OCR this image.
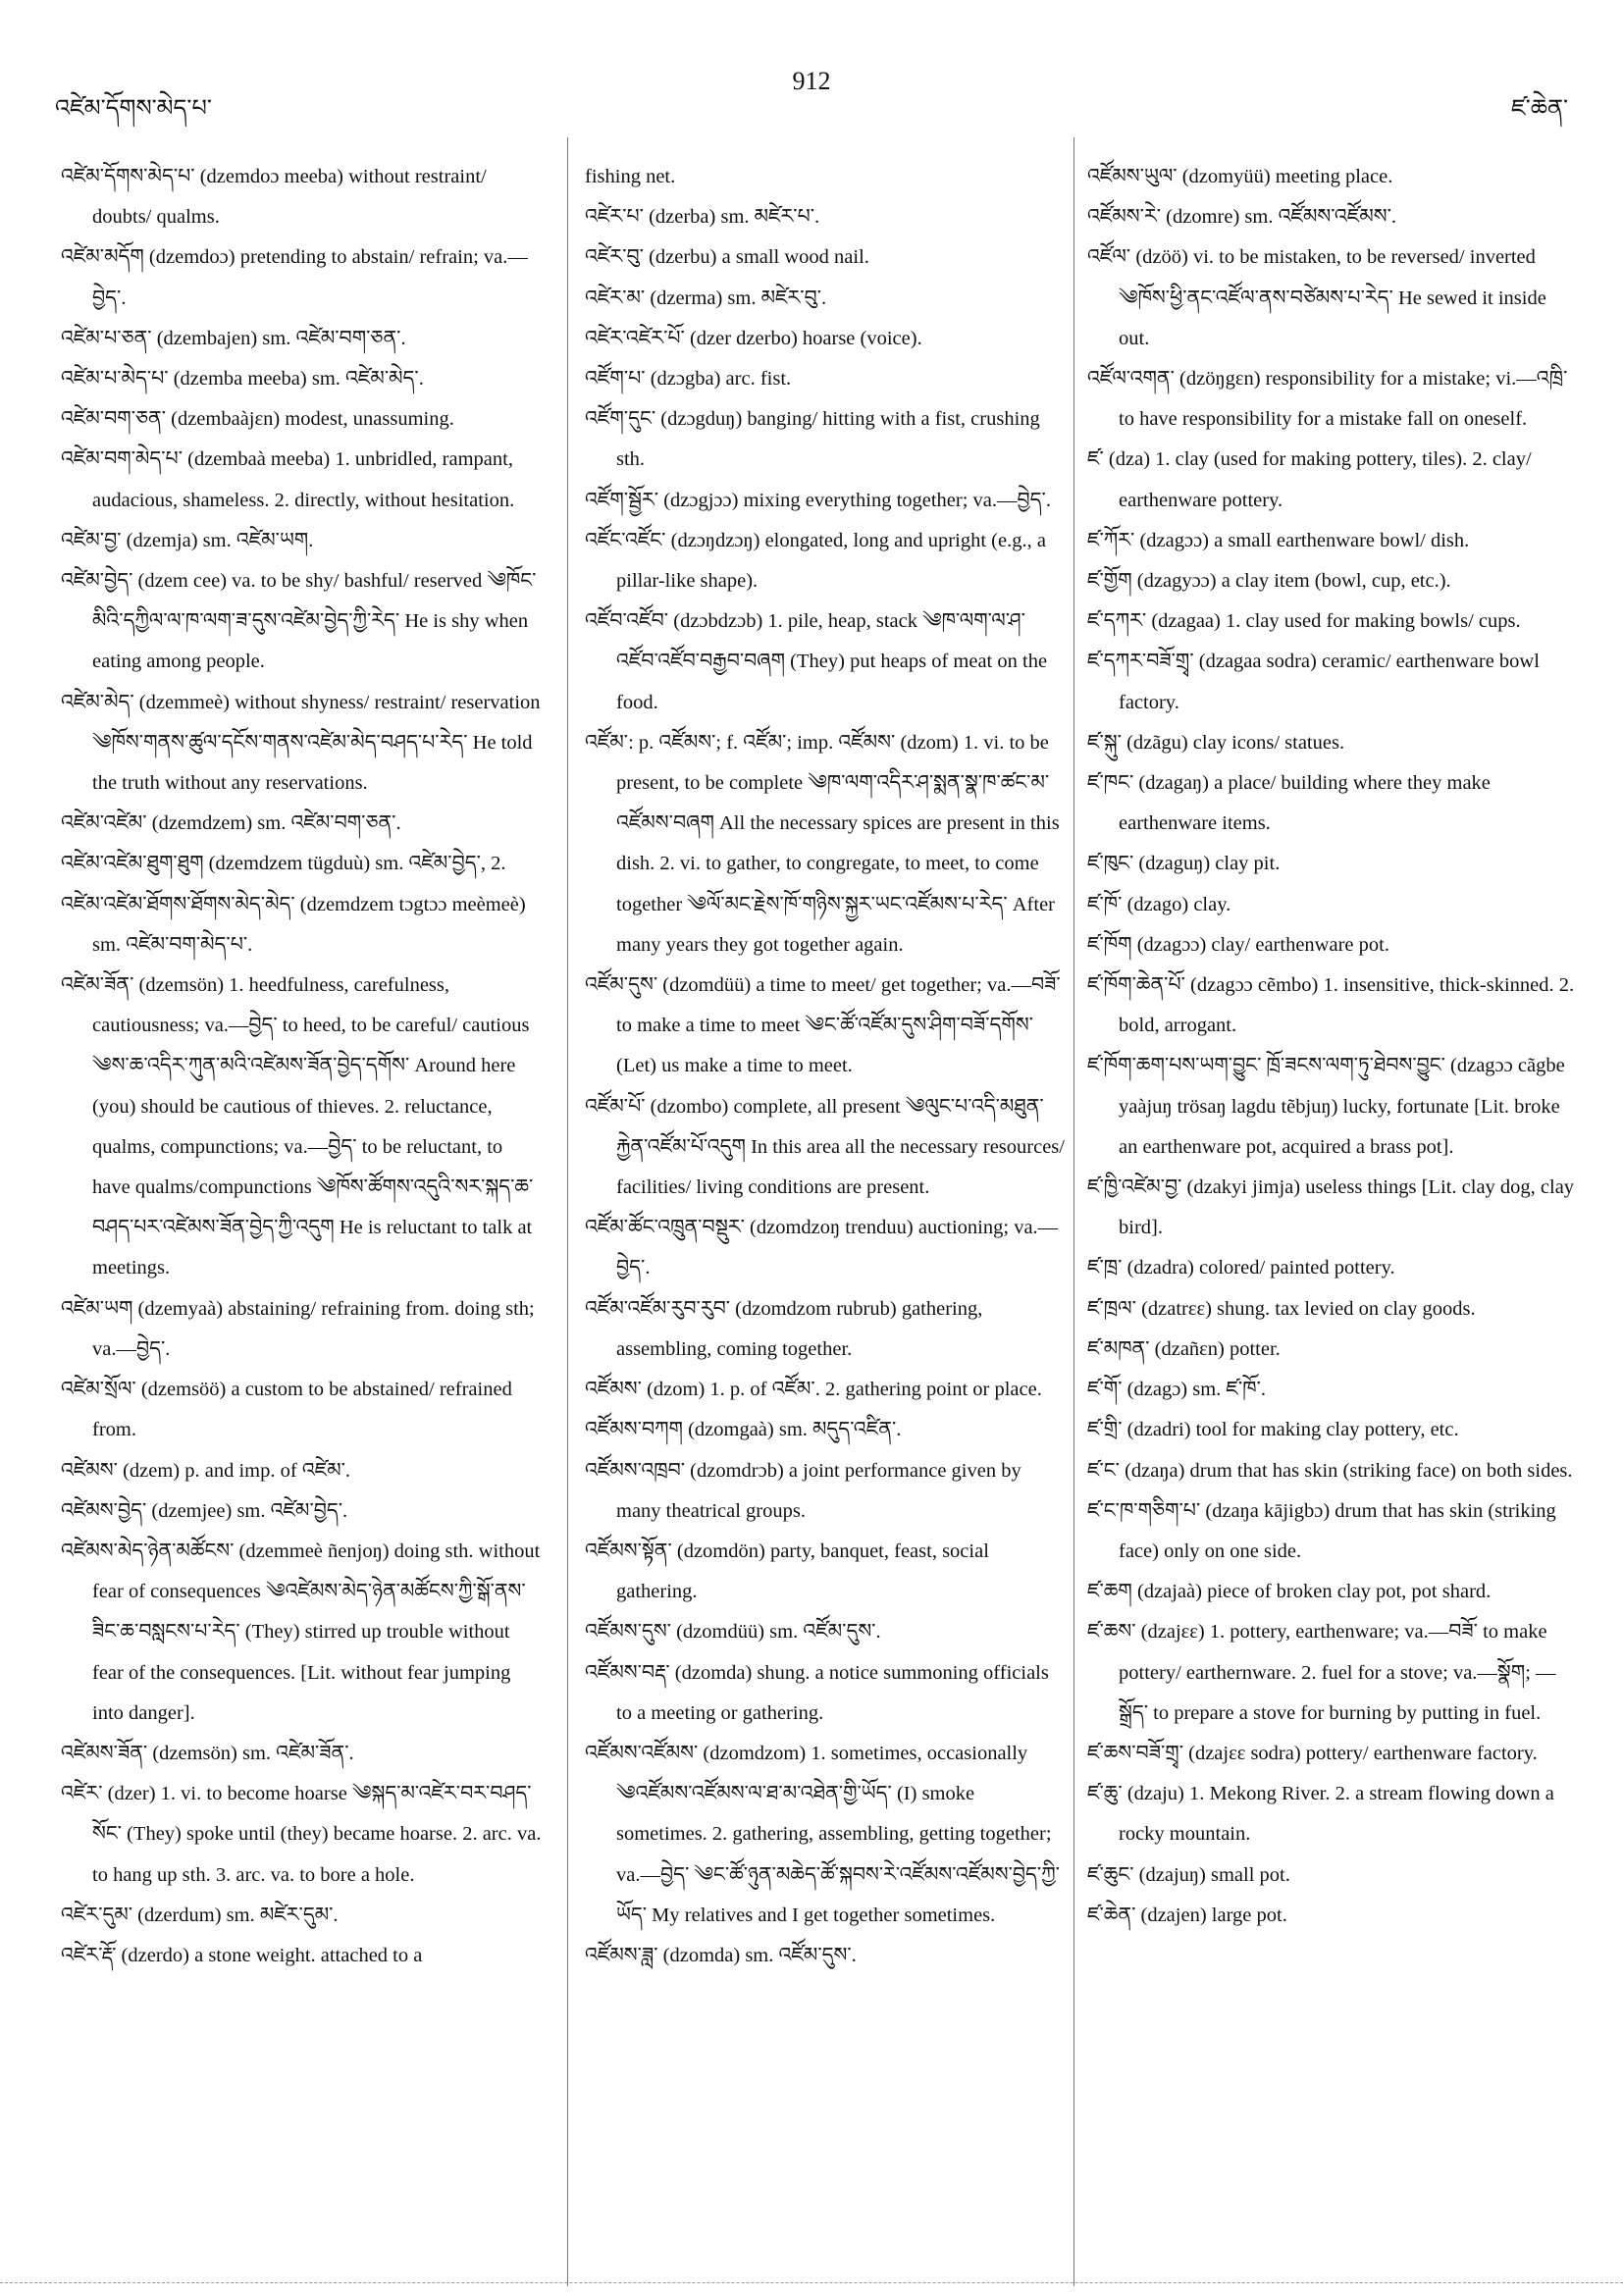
འཛེམ་དོགས་མེད་པ་
912
ཛ་ཆེན་

འཛེམ་དོགས་མེད་པ་ (dzemdoɔ meeba) without restraint/ doubts/ qualms.

འཛེམ་མདོག (dzemdoɔ) pretending to abstain/ refrain; va.—བྱེད་.

འཛེམ་པ་ཅན་ (dzembajen) sm. འཛེམ་བག་ཅན་.

འཛེམ་པ་མེད་པ་ (dzemba meeba) sm. འཛེམ་མེད་.

འཛེམ་བག་ཅན་ (dzembaàjɛn) modest, unassuming.

འཛེམ་བག་མེད་པ་ (dzembaà meeba) 1. unbridled, rampant, audacious, shameless. 2. directly, without hesitation.

འཛེམ་བྱ་ (dzemja) sm. འཛེམ་ཡག.

འཛེམ་བྱེད་ (dzem cee) va. to be shy/ bashful/ reserved ༄ཁོང་མིའི་དཀྱིལ་ལ་ཁ་ལག་ཟ་དུས་འཛེམ་བྱེད་ཀྱི་རེད་ He is shy when eating among people.

འཛེམ་མེད་ (dzemmeè) without shyness/ restraint/ reservation ༄ཁོས་གནས་ཚུལ་དངོས་གནས་འཛེམ་མེད་བཤད་པ་རེད་ He told the truth without any reservations.

འཛེམ་འཛེམ་ (dzemdzem) sm. འཛེམ་བག་ཅན་.

འཛེམ་འཛེམ་ཐུག་ཐུག (dzemdzem tügduù) sm. འཛེམ་བྱེད་, 2.

འཛེམ་འཛེམ་ཐོགས་ཐོགས་མེད་མེད་ (dzemdzem tɔgtɔɔ meèmeè) sm. འཛེམ་བག་མེད་པ་.

འཛེམ་ཟོན་ (dzemsön) 1. heedfulness, carefulness, cautiousness; va.—བྱེད་ to heed, to be careful/ cautious ༄ས་ཆ་འདིར་ཀུན་མའི་འཛེམས་ཟོན་བྱེད་དགོས་ Around here (you) should be cautious of thieves. 2. reluctance, qualms, compunctions; va.—བྱེད་ to be reluctant, to have qualms/compunctions ༄ཁོས་ཚོགས་འདུའི་སར་སྐད་ཆ་བཤད་པར་འཛེམས་ཟོན་བྱེད་ཀྱི་འདུག He is reluctant to talk at meetings.

འཛེམ་ཡག (dzemyaà) abstaining/ refraining from. doing sth; va.—བྱེད་.

འཛེམ་སྲོལ་ (dzemsöö) a custom to be abstained/ refrained from.

འཛེམས་ (dzem) p. and imp. of འཛེམ་.

འཛེམས་བྱེད་ (dzemjee) sm. འཛེམ་བྱེད་.

འཛེམས་མེད་ཉེན་མཚོངས་ (dzemmeè ñenjoŋ) doing sth. without fear of consequences ༄འཛེམས་མེད་ཉེན་མཚོངས་ཀྱི་སྒོ་ནས་ཟིང་ཆ་བསླངས་པ་རེད་ (They) stirred up trouble without fear of the consequences. [Lit. without fear jumping into danger].

འཛེམས་ཟོན་ (dzemsön) sm. འཛེམ་ཟོན་.

འཛེར་ (dzer) 1. vi. to become hoarse ༄སྐད་མ་འཛེར་བར་བཤད་སོང་ (They) spoke until (they) became hoarse. 2. arc. va. to hang up sth. 3. arc. va. to bore a hole.

འཛེར་དུམ་ (dzerdum) sm. མཛེར་དུམ་.

འཛེར་རྡོ་ (dzerdo) a stone weight. attached to a

fishing net.

འཛེར་པ་ (dzerba) sm. མཛེར་པ་.

འཛེར་བུ་ (dzerbu) a small wood nail.

འཛེར་མ་ (dzerma) sm. མཛེར་བུ་.

འཛེར་འཛེར་པོ་ (dzer dzerbo) hoarse (voice).

འཛོག་པ་ (dzɔgba) arc. fist.

འཛོག་དུང་ (dzɔgduŋ) banging/ hitting with a fist, crushing sth.

འཛོག་སྦྱོར་ (dzɔgjɔɔ) mixing everything together; va.—བྱེད་.

འཛོང་འཛོང་ (dzɔŋdzɔŋ) elongated, long and upright (e.g., a pillar-like shape).

འཛོབ་འཛོབ་ (dzɔbdzɔb) 1. pile, heap, stack ༄ཁ་ལག་ལ་ཤ་འཛོབ་འཛོབ་བརྒྱབ་བཞག (They) put heaps of meat on the food.

འཛོམ་: p. འཛོམས་; f. འཛོམ་; imp. འཛོམས་ (dzom) 1. vi. to be present, to be complete ༄ཁ་ལག་འདིར་ཤ་སྨན་སྣ་ཁ་ཚང་མ་འཛོམས་བཞག All the necessary spices are present in this dish. 2. vi. to gather, to congregate, to meet, to come together ༄ལོ་མང་རྗེས་ཁོ་གཉིས་སྐྱར་ཡང་འཛོམས་པ་རེད་ After many years they got together again.

འཛོམ་དུས་ (dzomdüü) a time to meet/ get together; va.—བཟོ་ to make a time to meet ༄ང་ཚོ་འཛོམ་དུས་ཤིག་བཟོ་དགོས་ (Let) us make a time to meet.

འཛོམ་པོ་ (dzombo) complete, all present ༄ལུང་པ་འདི་མཐུན་རྐྱེན་འཛོམ་པོ་འདུག In this area all the necessary resources/ facilities/ living conditions are present.

འཛོམ་ཚོང་འཁྲུན་བསྡུར་ (dzomdzoŋ trenduu) auctioning; va.—བྱེད་.

འཛོམ་འཛོམ་རུབ་རུབ་ (dzomdzom rubrub) gathering, assembling, coming together.

འཛོམས་ (dzom) 1. p. of འཛོམ་. 2. gathering point or place.

འཛོམས་བཀག (dzomgaà) sm. མདུད་འཛིན་.

འཛོམས་འཁྲབ་ (dzomdrɔb) a joint performance given by many theatrical groups.

འཛོམས་སྟོན་ (dzomdön) party, banquet, feast, social gathering.

འཛོམས་དུས་ (dzomdüü) sm. འཛོམ་དུས་.

འཛོམས་བརྡ་ (dzomda) shung. a notice summoning officials to a meeting or gathering.

འཛོམས་འཛོམས་ (dzomdzom) 1. sometimes, occasionally ༄འཛོམས་འཛོམས་ལ་ཐ་མ་འཐེན་གྱི་ཡོད་ (I) smoke sometimes. 2. gathering, assembling, getting together; va.—བྱེད་ ༄ང་ཚོ་ཉུན་མཆེད་ཚོ་སྐབས་རེ་འཛོམས་འཛོམས་བྱེད་ཀྱི་ཡོད་ My relatives and I get together sometimes.

འཛོམས་ཟླ་ (dzomda) sm. འཛོམ་དུས་.

འཛོམས་ཡུལ་ (dzomyüü) meeting place.

འཛོམས་རེ་ (dzomre) sm. འཛོམས་འཛོམས་.

འཛོལ་ (dzöö) vi. to be mistaken, to be reversed/ inverted ༄ཁོས་ཕྱི་ནང་འཛོལ་ནས་བཙེམས་པ་རེད་ He sewed it inside out.

འཛོལ་འགན་ (dzöŋgɛn) responsibility for a mistake; vi.—འཁྲི་ to have responsibility for a mistake fall on oneself.

ཛ་ (dza) 1. clay (used for making pottery, tiles). 2. clay/ earthenware pottery.

ཛ་ཀོར་ (dzagɔɔ) a small earthenware bowl/ dish.

ཛ་གྱོག (dzagyɔɔ) a clay item (bowl, cup, etc.).

ཛ་དཀར་ (dzagaa) 1. clay used for making bowls/ cups.

ཛ་དཀར་བཟོ་གྲྭ་ (dzagaa sodra) ceramic/ earthenware bowl factory.

ཛ་སྐུ་ (dzãgu) clay icons/ statues.

ཛ་ཁང་ (dzagaŋ) a place/ building where they make earthenware items.

ཛ་ཁུང་ (dzaguŋ) clay pit.

ཛ་ཁོ་ (dzago) clay.

ཛ་ཁོག (dzagɔɔ) clay/ earthenware pot.

ཛ་ཁོག་ཆེན་པོ་ (dzagɔɔ cẽmbo) 1. insensitive, thick-skinned. 2. bold, arrogant.

ཛ་ཁོག་ཆག་པས་ཡག་བྱུང་ ཁྲོ་ཟངས་ལག་ཏུ་ཐེབས་བྱུང་ (dzagɔɔ cãgbe yaàjuŋ trösaŋ lagdu tẽbjuŋ) lucky, fortunate [Lit. broke an earthenware pot, acquired a brass pot].

ཛ་ཁྱི་འཛེམ་བྱ་ (dzakyi jimja) useless things [Lit. clay dog, clay bird].

ཛ་ཁྲ་ (dzadra) colored/ painted pottery.

ཛ་ཁྲལ་ (dzatrɛɛ) shung. tax levied on clay goods.

ཛ་མཁན་ (dzañɛn) potter.

ཛ་གོ་ (dzagɔ) sm. ཛ་ཁོ་.

ཛ་གྲི་ (dzadri) tool for making clay pottery, etc.

ཛ་ང་ (dzaŋa) drum that has skin (striking face) on both sides.

ཛ་ང་ཁ་གཅིག་པ་ (dzaŋa kājigbɔ) drum that has skin (striking face) only on one side.

ཛ་ཆག (dzajaà) piece of broken clay pot, pot shard.

ཛ་ཆས་ (dzajɛɛ) 1. pottery, earthenware; va.—བཟོ་ to make pottery/ earthernware. 2. fuel for a stove; va.—སྣོག; —སྒྲོད་ to prepare a stove for burning by putting in fuel.

ཛ་ཆས་བཟོ་གྲྭ་ (dzajɛɛ sodra) pottery/ earthenware factory.

ཛ་ཆུ་ (dzaju) 1. Mekong River. 2. a stream flowing down a rocky mountain.

ཛ་ཆུང་ (dzajuŋ) small pot.

ཛ་ཆེན་ (dzajen) large pot.
